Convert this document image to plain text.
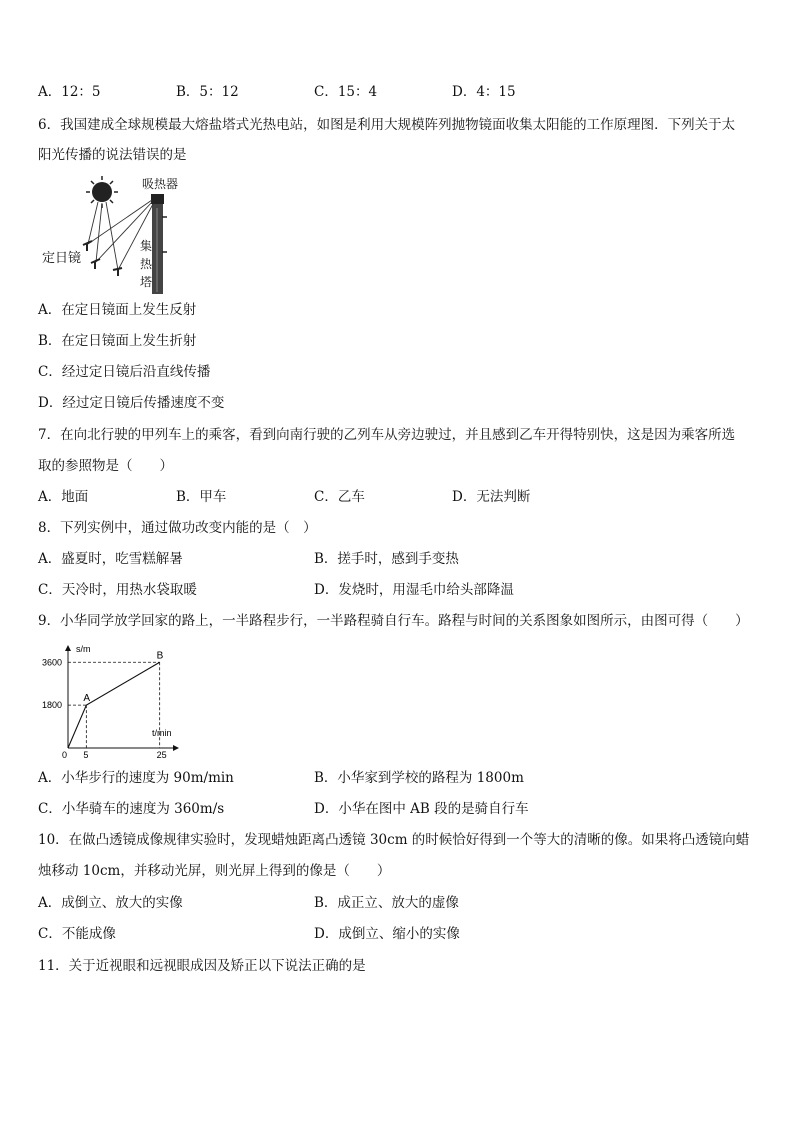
A．12：5	B．5：12	C．15：4	D．4：15
6．我国建成全球规模最大熔盐塔式光热电站，如图是利用大规模阵列抛物镜面收集太阳能的工作原理图．下列关于太
阳光传播的说法错误的是
吸热器
定日镜
集
热
塔
A．在定日镜面上发生反射
B．在定日镜面上发生折射
C．经过定日镜后沿直线传播
D．经过定日镜后传播速度不变
7．在向北行驶的甲列车上的乘客，看到向南行驶的乙列车从旁边驶过，并且感到乙车开得特别快，这是因为乘客所选
取的参照物是（　　）
A．地面	B．甲车	C．乙车	D．无法判断
8．下列实例中，通过做功改变内能的是（　）
A．盛夏时，吃雪糕解暑	B．搓手时，感到手变热
C．天冷时，用热水袋取暖	D．发烧时，用湿毛巾给头部降温
9．小华同学放学回家的路上，一半路程步行，一半路程骑自行车。路程与时间的关系图象如图所示，由图可得（　　）
s/m
t/min
A
B
1800
3600
0 5	25
A．小华步行的速度为 90m/min	B．小华家到学校的路程为 1800m
C．小华骑车的速度为 360m/s	D．小华在图中 AB 段的是骑自行车
10．在做凸透镜成像规律实验时，发现蜡烛距离凸透镜 30cm 的时候恰好得到一个等大的清晰的像。如果将凸透镜向蜡
烛移动 10cm，并移动光屏，则光屏上得到的像是（　　）
A．成倒立、放大的实像	B．成正立、放大的虚像
C．不能成像	D．成倒立、缩小的实像
11．关于近视眼和远视眼成因及矫正以下说法正确的是
